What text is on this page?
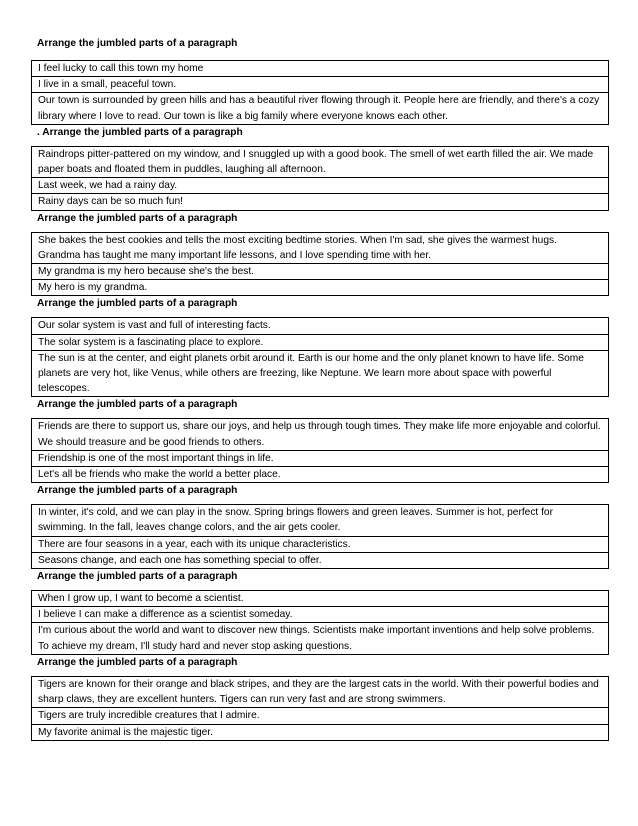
Arrange the jumbled parts of a paragraph
I feel lucky to call this town my home
I live in a small, peaceful town.
Our town is surrounded by green hills and has a beautiful river flowing through it. People here are friendly, and there's a cozy library where I love to read. Our town is like a big family where everyone knows each other.
. Arrange the jumbled parts of a paragraph
Raindrops pitter-pattered on my window, and I snuggled up with a good book. The smell of wet earth filled the air. We made paper boats and floated them in puddles, laughing all afternoon.
Last week, we had a rainy day.
Rainy days can be so much fun!
Arrange the jumbled parts of a paragraph
She bakes the best cookies and tells the most exciting bedtime stories. When I'm sad, she gives the warmest hugs. Grandma has taught me many important life lessons, and I love spending time with her.
My grandma is my hero because she's the best.
My hero is my grandma.
Arrange the jumbled parts of a paragraph
Our solar system is vast and full of interesting facts.
The solar system is a fascinating place to explore.
The sun is at the center, and eight planets orbit around it. Earth is our home and the only planet known to have life. Some planets are very hot, like Venus, while others are freezing, like Neptune. We learn more about space with powerful telescopes.
Arrange the jumbled parts of a paragraph
Friends are there to support us, share our joys, and help us through tough times. They make life more enjoyable and colorful. We should treasure and be good friends to others.
Friendship is one of the most important things in life.
Let's all be friends who make the world a better place.
Arrange the jumbled parts of a paragraph
In winter, it's cold, and we can play in the snow. Spring brings flowers and green leaves. Summer is hot, perfect for swimming. In the fall, leaves change colors, and the air gets cooler.
There are four seasons in a year, each with its unique characteristics.
Seasons change, and each one has something special to offer.
Arrange the jumbled parts of a paragraph
When I grow up, I want to become a scientist.
I believe I can make a difference as a scientist someday.
I'm curious about the world and want to discover new things. Scientists make important inventions and help solve problems. To achieve my dream, I'll study hard and never stop asking questions.
Arrange the jumbled parts of a paragraph
Tigers are known for their orange and black stripes, and they are the largest cats in the world. With their powerful bodies and sharp claws, they are excellent hunters. Tigers can run very fast and are strong swimmers.
Tigers are truly incredible creatures that I admire.
My favorite animal is the majestic tiger.
